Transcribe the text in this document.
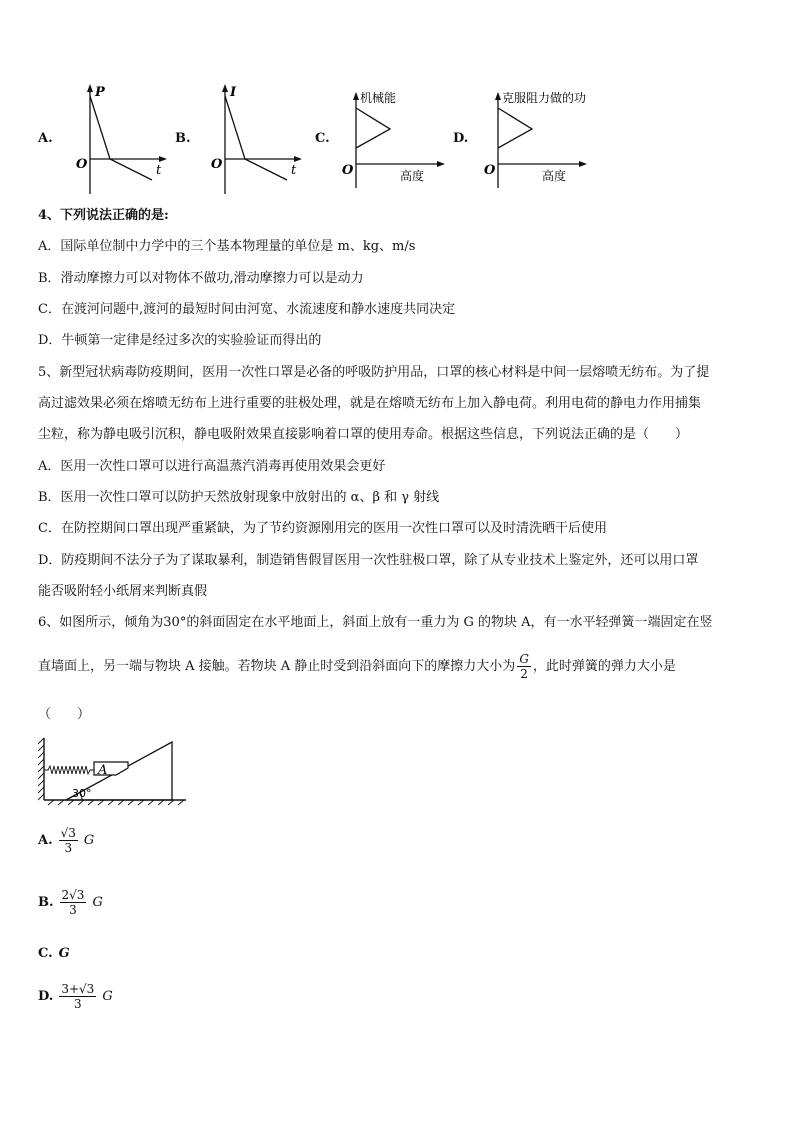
A.
P
O	t
B.
I
O	t
C.
机械能
O	高度
D.
克服阻力做的功
O	高度
4、下列说法正确的是:
A．国际单位制中力学中的三个基本物理量的单位是 m、kg、m/s
B．滑动摩擦力可以对物体不做功,滑动摩擦力可以是动力
C．在渡河问题中,渡河的最短时间由河宽、水流速度和静水速度共同决定
D．牛顿第一定律是经过多次的实验验证而得出的
5、新型冠状病毒防疫期间，医用一次性口罩是必备的呼吸防护用品，口罩的核心材料是中间一层熔喷无纺布。为了提
高过滤效果必须在熔喷无纺布上进行重要的驻极处理，就是在熔喷无纺布上加入静电荷。利用电荷的静电力作用捕集
尘粒，称为静电吸引沉积，静电吸附效果直接影响着口罩的使用寿命。根据这些信息，下列说法正确的是（　　）
A．医用一次性口罩可以进行高温蒸汽消毒再使用效果会更好
B．医用一次性口罩可以防护天然放射现象中放射出的 α、β 和 γ 射线
C．在防控期间口罩出现严重紧缺，为了节约资源刚用完的医用一次性口罩可以及时清洗晒干后使用
D．防疫期间不法分子为了谋取暴利，制造销售假冒医用一次性驻极口罩，除了从专业技术上鉴定外，还可以用口罩
能否吸附轻小纸屑来判断真假
6、如图所示，倾角为30°的斜面固定在水平地面上，斜面上放有一重力为 G 的物块 A，有一水平轻弹簧一端固定在竖
直墙面上，另一端与物块 A 接触。若物块 A 静止时受到沿斜面向下的摩擦力大小为 $\frac{G}{2}$ ，此时弹簧的弹力大小是
（　　）
A
30°
A. $\frac{√3}{3}$ G
B. $\frac{2√3}{3}$ G
C. G
D. $\frac{3+√3}{3}$ G
